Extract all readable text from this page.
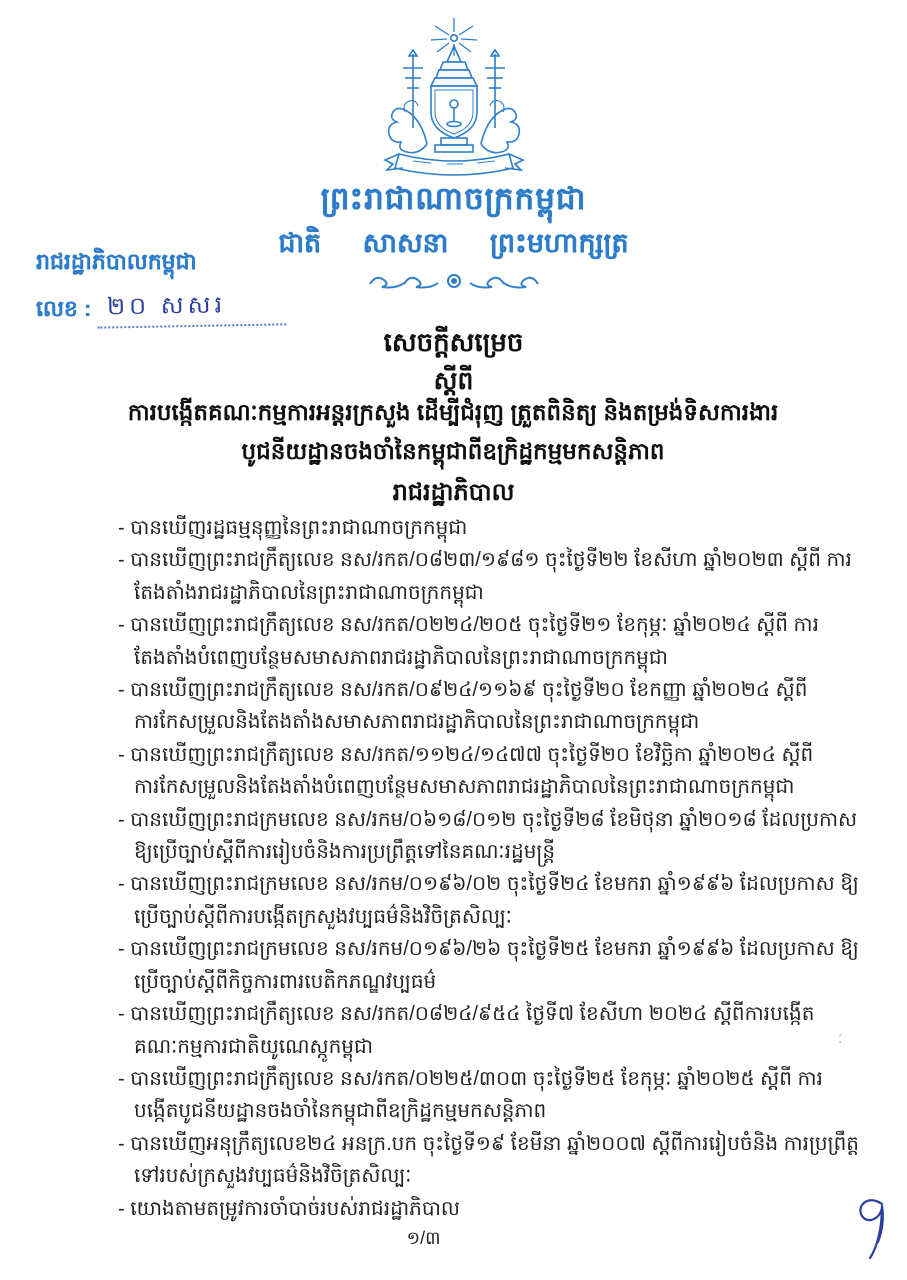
ព្រះរាជាណាចក្រកម្ពុជា
ជាតិ សាសនា ព្រះមហាក្សត្រ
រាជរដ្ឋាភិបាលកម្ពុជា
លេខ : ២០ សសរ
សេចក្តីសម្រេច
ស្តីពី
ការបង្កើតគណៈកម្មការអន្តរក្រសួង ដើម្បីជំរុញ ត្រួតពិនិត្យ និងតម្រង់ទិសការងារ
បូជនីយដ្ឋានចងចាំនៃកម្ពុជាពីឧក្រិដ្ឋកម្មមកសន្តិភាព
រាជរដ្ឋាភិបាល
- បានឃើញរដ្ឋធម្មនុញ្ញនៃព្រះរាជាណាចក្រកម្ពុជា
- បានឃើញព្រះរាជក្រឹត្យលេខ នស/រកត/០៨២៣/១៩៨១ ចុះថ្ងៃទី២២ ខែសីហា ឆ្នាំ២០២៣ ស្តីពី ការតែងតាំងរាជរដ្ឋាភិបាលនៃព្រះរាជាណាចក្រកម្ពុជា
- បានឃើញព្រះរាជក្រឹត្យលេខ នស/រកត/០២២៤/២០៥ ចុះថ្ងៃទី២១ ខែកុម្ភៈ ឆ្នាំ២០២៤ ស្តីពី ការតែងតាំងបំពេញបន្ថែមសមាសភាពរាជរដ្ឋាភិបាលនៃព្រះរាជាណាចក្រកម្ពុជា
- បានឃើញព្រះរាជក្រឹត្យលេខ នស/រកត/០៩២៤/១១៦៩ ចុះថ្ងៃទី២០ ខែកញ្ញា ឆ្នាំ២០២៤ ស្តីពី ការកែសម្រួលនិងតែងតាំងសមាសភាពរាជរដ្ឋាភិបាលនៃព្រះរាជាណាចក្រកម្ពុជា
- បានឃើញព្រះរាជក្រឹត្យលេខ នស/រកត/១១២៤/១៤៧៧ ចុះថ្ងៃទី២០ ខែវិច្ឆិកា ឆ្នាំ២០២៤ ស្តីពី ការកែសម្រួលនិងតែងតាំងបំពេញបន្ថែមសមាសភាពរាជរដ្ឋាភិបាលនៃព្រះរាជាណាចក្រកម្ពុជា
- បានឃើញព្រះរាជក្រមលេខ នស/រកម/០៦១៨/០១២ ចុះថ្ងៃទី២៨ ខែមិថុនា ឆ្នាំ២០១៨ ដែលប្រកាស ឱ្យប្រើច្បាប់ស្តីពីការរៀបចំនិងការប្រព្រឹត្តទៅនៃគណៈរដ្ឋមន្ត្រី
- បានឃើញព្រះរាជក្រមលេខ នស/រកម/០១៩៦/០២ ចុះថ្ងៃទី២៤ ខែមករា ឆ្នាំ១៩៩៦ ដែលប្រកាស ឱ្យប្រើច្បាប់ស្តីពីការបង្កើតក្រសួងវប្បធម៌និងវិចិត្រសិល្បៈ
- បានឃើញព្រះរាជក្រមលេខ នស/រកម/០១៩៦/២៦ ចុះថ្ងៃទី២៥ ខែមករា ឆ្នាំ១៩៩៦ ដែលប្រកាស ឱ្យប្រើច្បាប់ស្តីពីកិច្ចការពារបេតិកភណ្ឌវប្បធម៌
- បានឃើញព្រះរាជក្រឹត្យលេខ នស/រកត/០៨២៤/៩៥៤ ថ្ងៃទី៧ ខែសីហា ២០២៤ ស្តីពីការបង្កើត គណៈកម្មការជាតិយូណេស្កូកម្ពុជា
- បានឃើញព្រះរាជក្រឹត្យលេខ នស/រកត/០២២៥/៣០៣ ចុះថ្ងៃទី២៥ ខែកុម្ភៈ ឆ្នាំ២០២៥ ស្តីពី ការបង្កើតបូជនីយដ្ឋានចងចាំនៃកម្ពុជាពីឧក្រិដ្ឋកម្មមកសន្តិភាព
- បានឃើញអនុក្រឹត្យលេខ២៤ អនក្រ.បក ចុះថ្ងៃទី១៩ ខែមីនា ឆ្នាំ២០០៧ ស្តីពីការរៀបចំនិង ការប្រព្រឹត្តទៅរបស់ក្រសួងវប្បធម៌និងវិចិត្រសិល្បៈ
- យោងតាមតម្រូវការចាំបាច់របស់រាជរដ្ឋាភិបាល
:
១/៣
